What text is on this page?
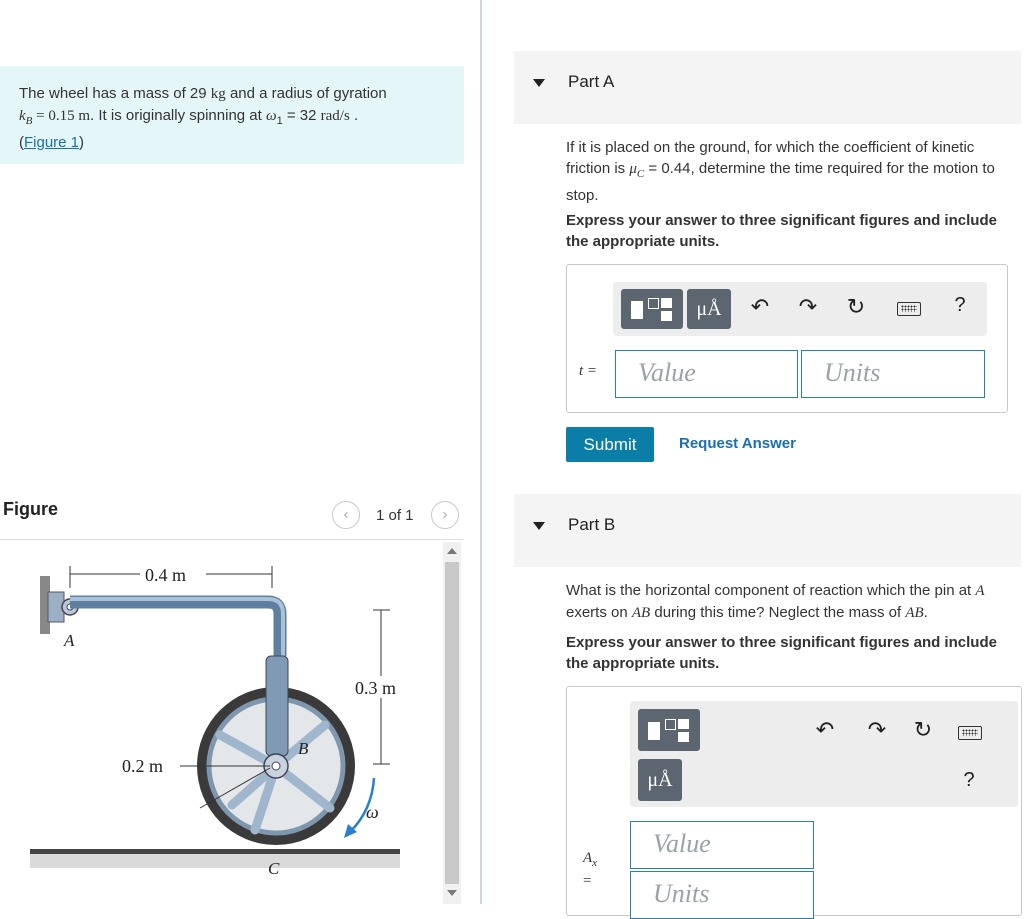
The wheel has a mass of 29 kg and a radius of gyration
$k_B = 0.15$ m. It is originally spinning at $\omega_1 = 32$ rad/s .
(Figure 1)
Figure	‹	1 of 1	›
0.4 m
0.3 m
0.2 m
A
B
C
ω
Part A
If it is placed on the ground, for which the coefficient of kinetic friction is $\mu_C = 0.44$, determine the time required for the motion to stop.
Express your answer to three significant figures and include the appropriate units.
μÅ	↶ ↷ ↻	?
t =	Value	Units
Submit	Request Answer
Part B
What is the horizontal component of reaction which the pin at A exerts on AB during this time? Neglect the mass of AB.
Express your answer to three significant figures and include the appropriate units.
μÅ
↶ ↷ ↻
?
$A_x$
=
Value
Units
